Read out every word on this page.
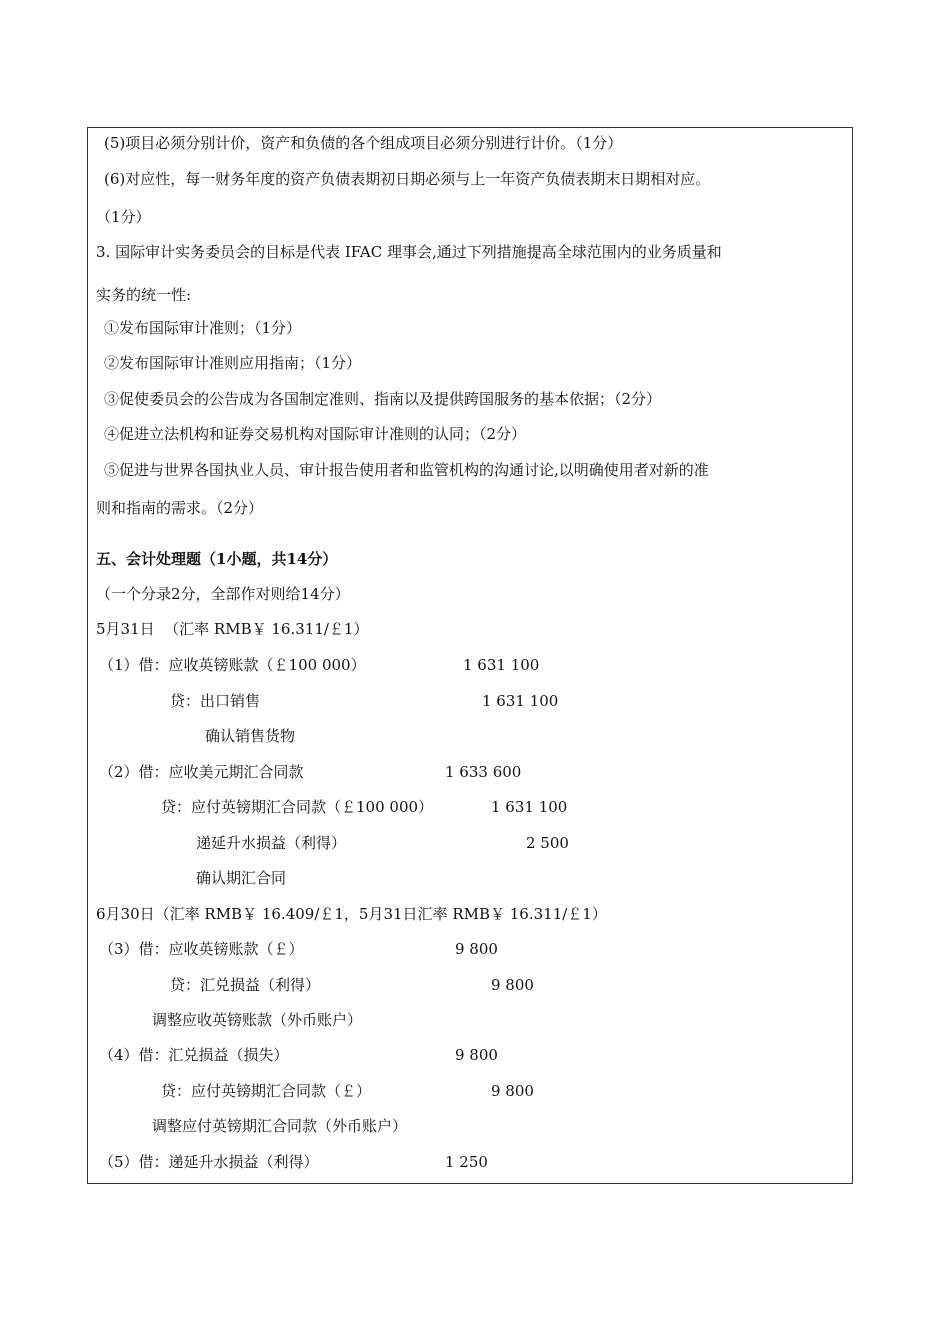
(5)项目必须分别计价，资产和负债的各个组成项目必须分别进行计价。（1分）
(6)对应性，每一财务年度的资产负债表期初日期必须与上一年资产负债表期末日期相对应。
（1分）
3. 国际审计实务委员会的目标是代表 IFAC 理事会,通过下列措施提高全球范围内的业务质量和
实务的统一性:
①发布国际审计准则；（1分）
②发布国际审计准则应用指南；（1分）
③促使委员会的公告成为各国制定准则、指南以及提供跨国服务的基本依据；（2分）
④促进立法机构和证券交易机构对国际审计准则的认同；（2分）
⑤促进与世界各国执业人员、审计报告使用者和监管机构的沟通讨论,以明确使用者对新的准
则和指南的需求。（2分）
五、会计处理题（1小题，共14分）
（一个分录2分，全部作对则给14分）
5月31日  （汇率 RMB￥ 16.311/￡1）
（1）借：应收英镑账款（￡100 000）	1 631 100
贷：出口销售	1 631 100
确认销售货物
（2）借：应收美元期汇合同款	1 633 600
贷：应付英镑期汇合同款（￡100 000）	1 631 100
递延升水损益（利得）	2 500
确认期汇合同
6月30日（汇率 RMB￥ 16.409/￡1，5月31日汇率 RMB￥ 16.311/￡1）
（3）借：应收英镑账款（￡）	9 800
贷：汇兑损益（利得）	9 800
调整应收英镑账款（外币账户）
（4）借：汇兑损益（损失）	9 800
贷：应付英镑期汇合同款（￡）	9 800
调整应付英镑期汇合同款（外币账户）
（5）借：递延升水损益（利得）	1 250
